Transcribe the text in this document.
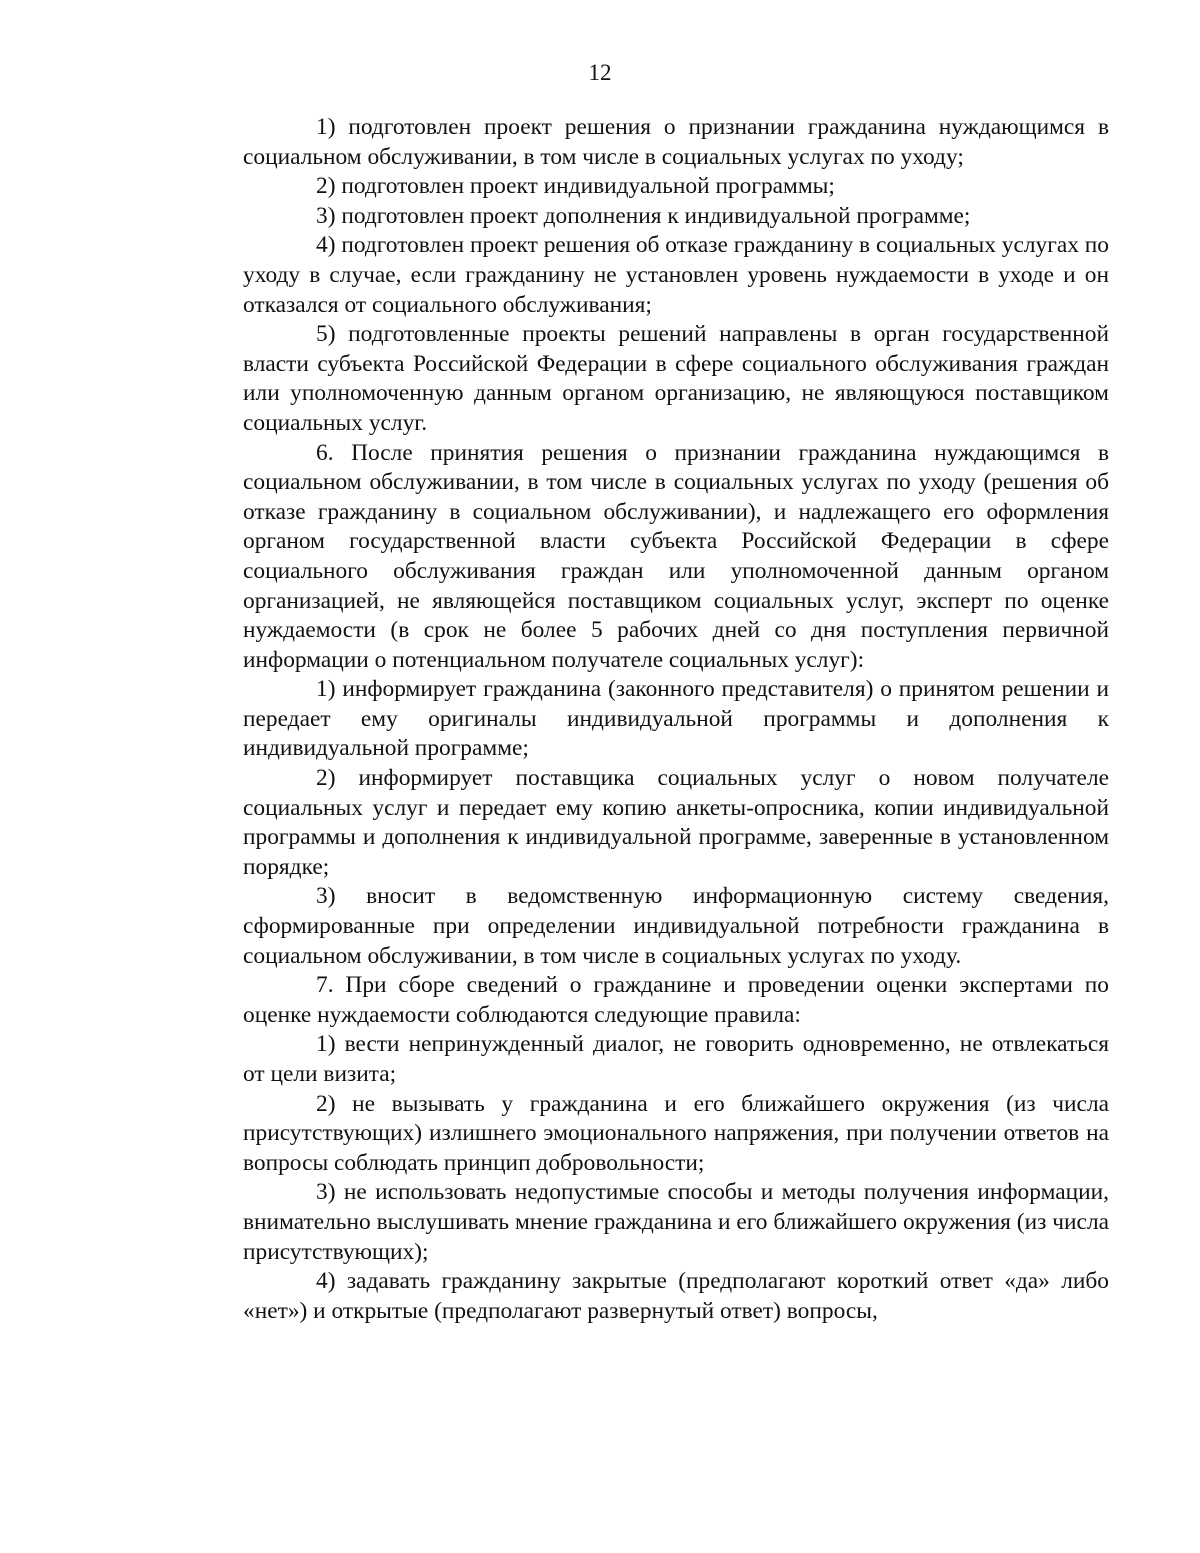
12

1) подготовлен проект решения о признании гражданина нуждающимся в социальном обслуживании, в том числе в социальных услугах по уходу;

2) подготовлен проект индивидуальной программы;

3) подготовлен проект дополнения к индивидуальной программе;

4) подготовлен проект решения об отказе гражданину в социальных услугах по уходу в случае, если гражданину не установлен уровень нуждаемости в уходе и он отказался от социального обслуживания;

5) подготовленные проекты решений направлены в орган государственной власти субъекта Российской Федерации в сфере социального обслуживания граждан или уполномоченную данным органом организацию, не являющуюся поставщиком социальных услуг.

6. После принятия решения о признании гражданина нуждающимся в социальном обслуживании, в том числе в социальных услугах по уходу (решения об отказе гражданину в социальном обслуживании), и надлежащего его оформления органом государственной власти субъекта Российской Федерации в сфере социального обслуживания граждан или уполномоченной данным органом организацией, не являющейся поставщиком социальных услуг, эксперт по оценке нуждаемости (в срок не более 5 рабочих дней со дня поступления первичной информации о потенциальном получателе социальных услуг):

1) информирует гражданина (законного представителя) о принятом решении и передает ему оригиналы индивидуальной программы и дополнения к индивидуальной программе;

2) информирует поставщика социальных услуг о новом получателе социальных услуг и передает ему копию анкеты-опросника, копии индивидуальной программы и дополнения к индивидуальной программе, заверенные в установленном порядке;

3) вносит в ведомственную информационную систему сведения, сформированные при определении индивидуальной потребности гражданина в социальном обслуживании, в том числе в социальных услугах по уходу.

7. При сборе сведений о гражданине и проведении оценки экспертами по оценке нуждаемости соблюдаются следующие правила:

1) вести непринужденный диалог, не говорить одновременно, не отвлекаться от цели визита;

2) не вызывать у гражданина и его ближайшего окружения (из числа присутствующих) излишнего эмоционального напряжения, при получении ответов на вопросы соблюдать принцип добровольности;

3) не использовать недопустимые способы и методы получения информации, внимательно выслушивать мнение гражданина и его ближайшего окружения (из числа присутствующих);

4) задавать гражданину закрытые (предполагают короткий ответ «да» либо «нет») и открытые (предполагают развернутый ответ) вопросы,
